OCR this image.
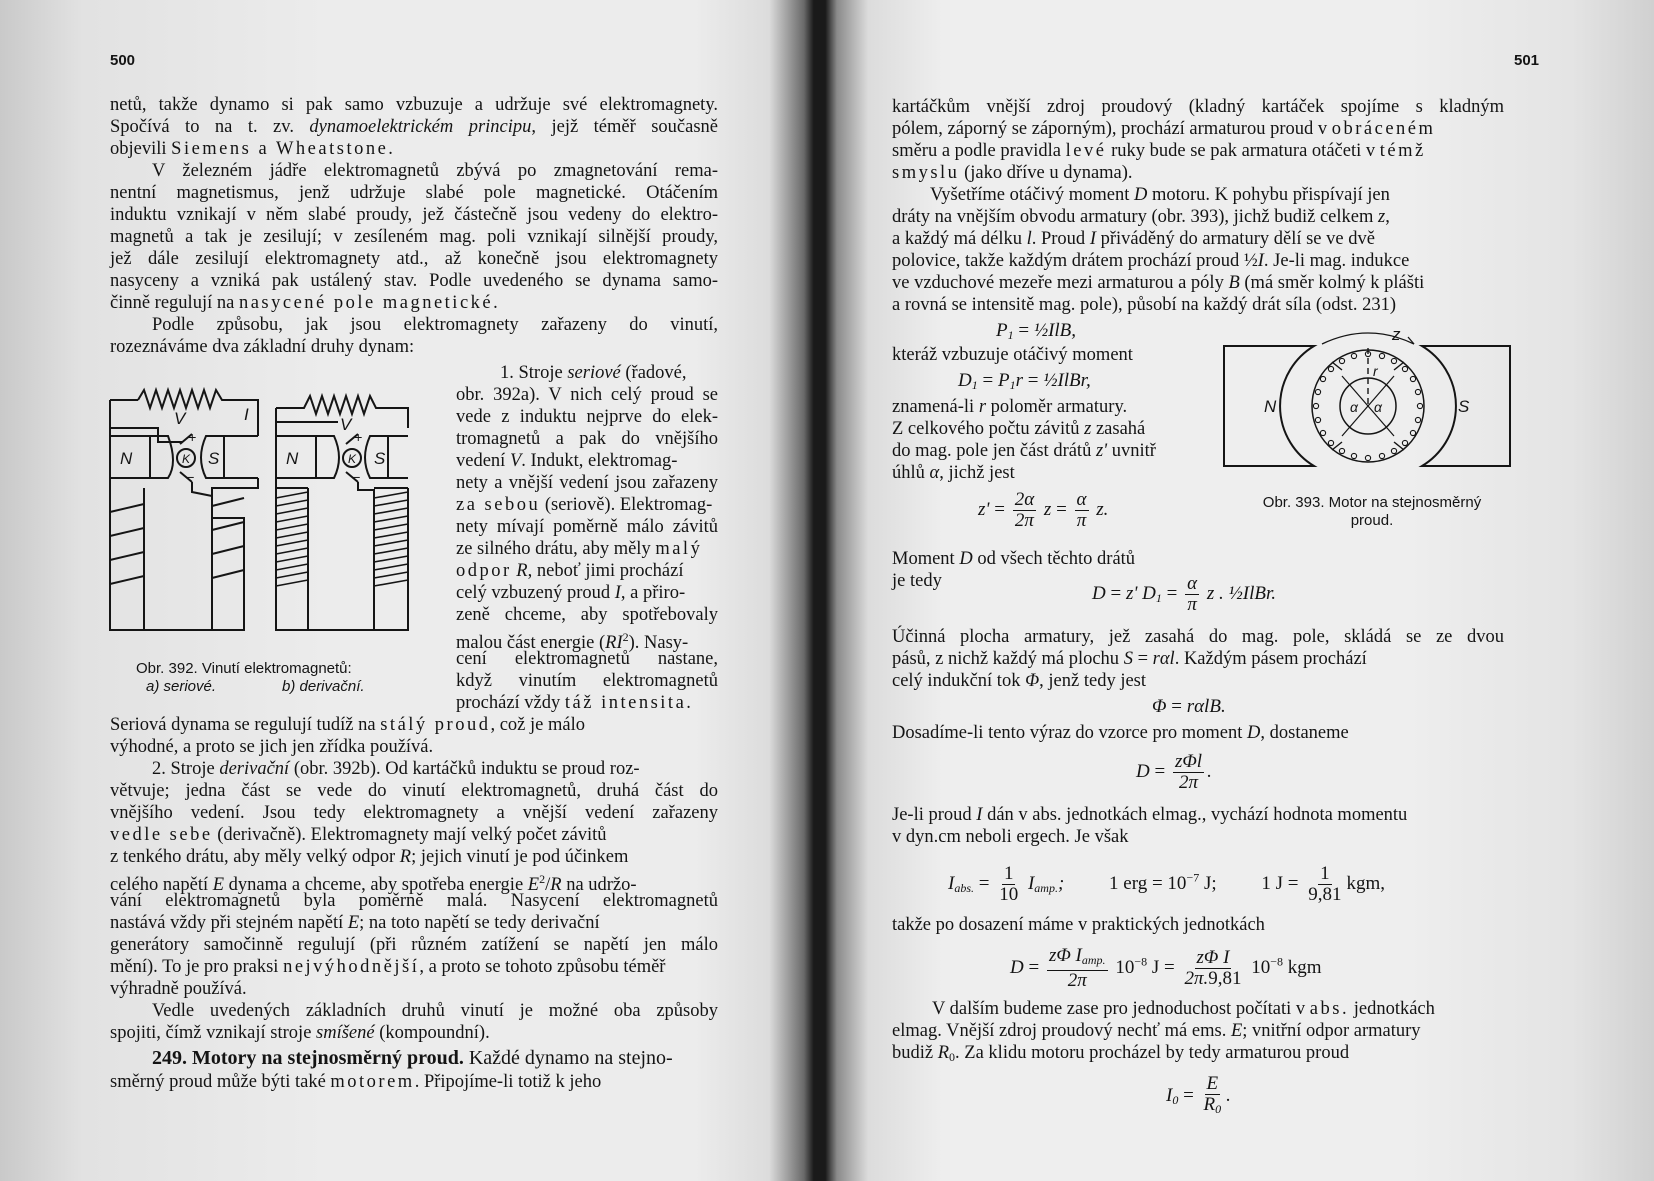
500
netů, takže dynamo si pak samo vzbuzuje a udržuje své elektromagnety.
Spočívá to na t. zv. dynamoelektrickém principu, jejž téměř současně
objevili Siemens a Wheatstone.
V železném jádře elektromagnetů zbývá po zmagnetování rema-
nentní magnetismus, jenž udržuje slabé pole magnetické. Otáčením
induktu vznikají v něm slabé proudy, jež částečně jsou vedeny do elektro-
magnetů a tak je zesilují; v zesíleném mag. poli vznikají silnější proudy,
jež dále zesilují elektromagnety atd., až konečně jsou elektromagnety
nasyceny a vzniká pak ustálený stav. Podle uvedeného se dynama samo-
činně regulují na nasycené pole magnetické.
Podle způsobu, jak jsou elektromagnety zařazeny do vinutí,
rozeznáváme dva základní druhy dynam:
N	S
V	I
K
+
−
N	S
V
K
+
−
Obr. 392. Vinutí elektromagnetů:
a) seriové.	b) derivační.
1. Stroje seriové (řadové,
obr. 392a). V nich celý proud se
vede z induktu nejprve do elek-
tromagnetů a pak do vnějšího
vedení V. Indukt, elektromag-
nety a vnější vedení jsou zařazeny
za sebou (seriově). Elektromag-
nety mívají poměrně málo závitů
ze silného drátu, aby měly malý
odpor R, neboť jimi prochází
celý vzbuzený proud I, a přiro-
zeně chceme, aby spotřebovaly
malou část energie $(RI^2)$. Nasy-
cení elektromagnetů nastane,
když vinutím elektromagnetů
prochází vždy táž intensita.
Seriová dynama se regulují tudíž na stálý proud, což je málo
výhodné, a proto se jich jen zřídka používá.
2. Stroje derivační (obr. 392b). Od kartáčků induktu se proud roz-
větvuje; jedna část se vede do vinutí elektromagnetů, druhá část do
vnějšího vedení. Jsou tedy elektromagnety a vnější vedení zařazeny
vedle sebe (derivačně). Elektromagnety mají velký počet závitů
z tenkého drátu, aby měly velký odpor R; jejich vinutí je pod účinkem
celého napětí E dynama a chceme, aby spotřeba energie $E^2/R$ na udržo-
vání elektromagnetů byla poměrně malá. Nasycení elektromagnetů
nastává vždy při stejném napětí E; na toto napětí se tedy derivační
generátory samočinně regulují (při různém zatížení se napětí jen málo
mění). To je pro praksi nejvýhodnější, a proto se tohoto způsobu téměř
výhradně používá.
Vedle uvedených základních druhů vinutí je možné oba způsoby
spojiti, čímž vznikají stroje smíšené (kompoundní).
249. Motory na stejnosměrný proud. Každé dynamo na stejno-
směrný proud může býti také motorem. Připojíme-li totiž k jeho
501
kartáčkům vnější zdroj proudový (kladný kartáček spojíme s kladným
pólem, záporný se záporným), prochází armaturou proud v obráceném
směru a podle pravidla levé ruky bude se pak armatura otáčeti v témž
smyslu (jako dříve u dynama).
Vyšetříme otáčivý moment D motoru. K pohybu přispívají jen
dráty na vnějším obvodu armatury (obr. 393), jichž budiž celkem z,
a každý má délku l. Proud I přiváděný do armatury dělí se ve dvě
polovice, takže každým drátem prochází proud ½I. Je-li mag. indukce
ve vzduchové mezeře mezi armaturou a póly B (má směr kolmý k plášti
a rovná se intensitě mag. pole), působí na každý drát síla (odst. 231)
$P_1$ = ½IlB,
kteráž vzbuzuje otáčivý moment
$D_1 = P_1r$ = ½IlBr,
znamená-li r poloměr armatury.
Z celkového počtu závitů z zasahá
do mag. pole jen část drátů z' uvnitř
úhlů α, jichž jest
$z' = \frac{2\alpha}{2\pi}$ $z = \frac{\alpha}{\pi} z$.
N	S
z
r
α α
Obr. 393. Motor na stejnosměrný
proud.
Moment D od všech těchto drátů
je tedy
D = z' $D_1 = \frac{\alpha}{\pi}$ z . ½IlBr.
Účinná plocha armatury, jež zasahá do mag. pole, skládá se ze dvou
pásů, z nichž každý má plochu S = rαl. Každým pásem prochází
celý indukční tok Φ, jenž tedy jest
Φ = rαlB.
Dosadíme-li tento výraz do vzorce pro moment D, dostaneme
$D = \frac{\text{zΦl}}{2\pi}$ .
Je-li proud I dán v abs. jednotkách elmag., vychází hodnota momentu
v dyn.cm neboli ergech. Je však
$I_{abs.} = \frac{1}{10} I_{amp.}$; 1 erg = $10^{-7}$ J; 1 $J = \frac{1}{9,81}$ kgm,
takže po dosazení máme v praktických jednotkách
$D = \frac{z\Phi I_{amp.}}{2\pi} 10^{-8}$ $J = \frac{\text{zΦ I}}{2\pi.9,81} 10^{-8}$ kgm
V dalším budeme zase pro jednoduchost počítati v abs. jednotkách
elmag. Vnější zdroj proudový nechť má ems. E; vnitřní odpor armatury
budiž $R_0$. Za klidu motoru procházel by tedy armaturou proud
$I_0 = \frac{E}{R_0}$ .
